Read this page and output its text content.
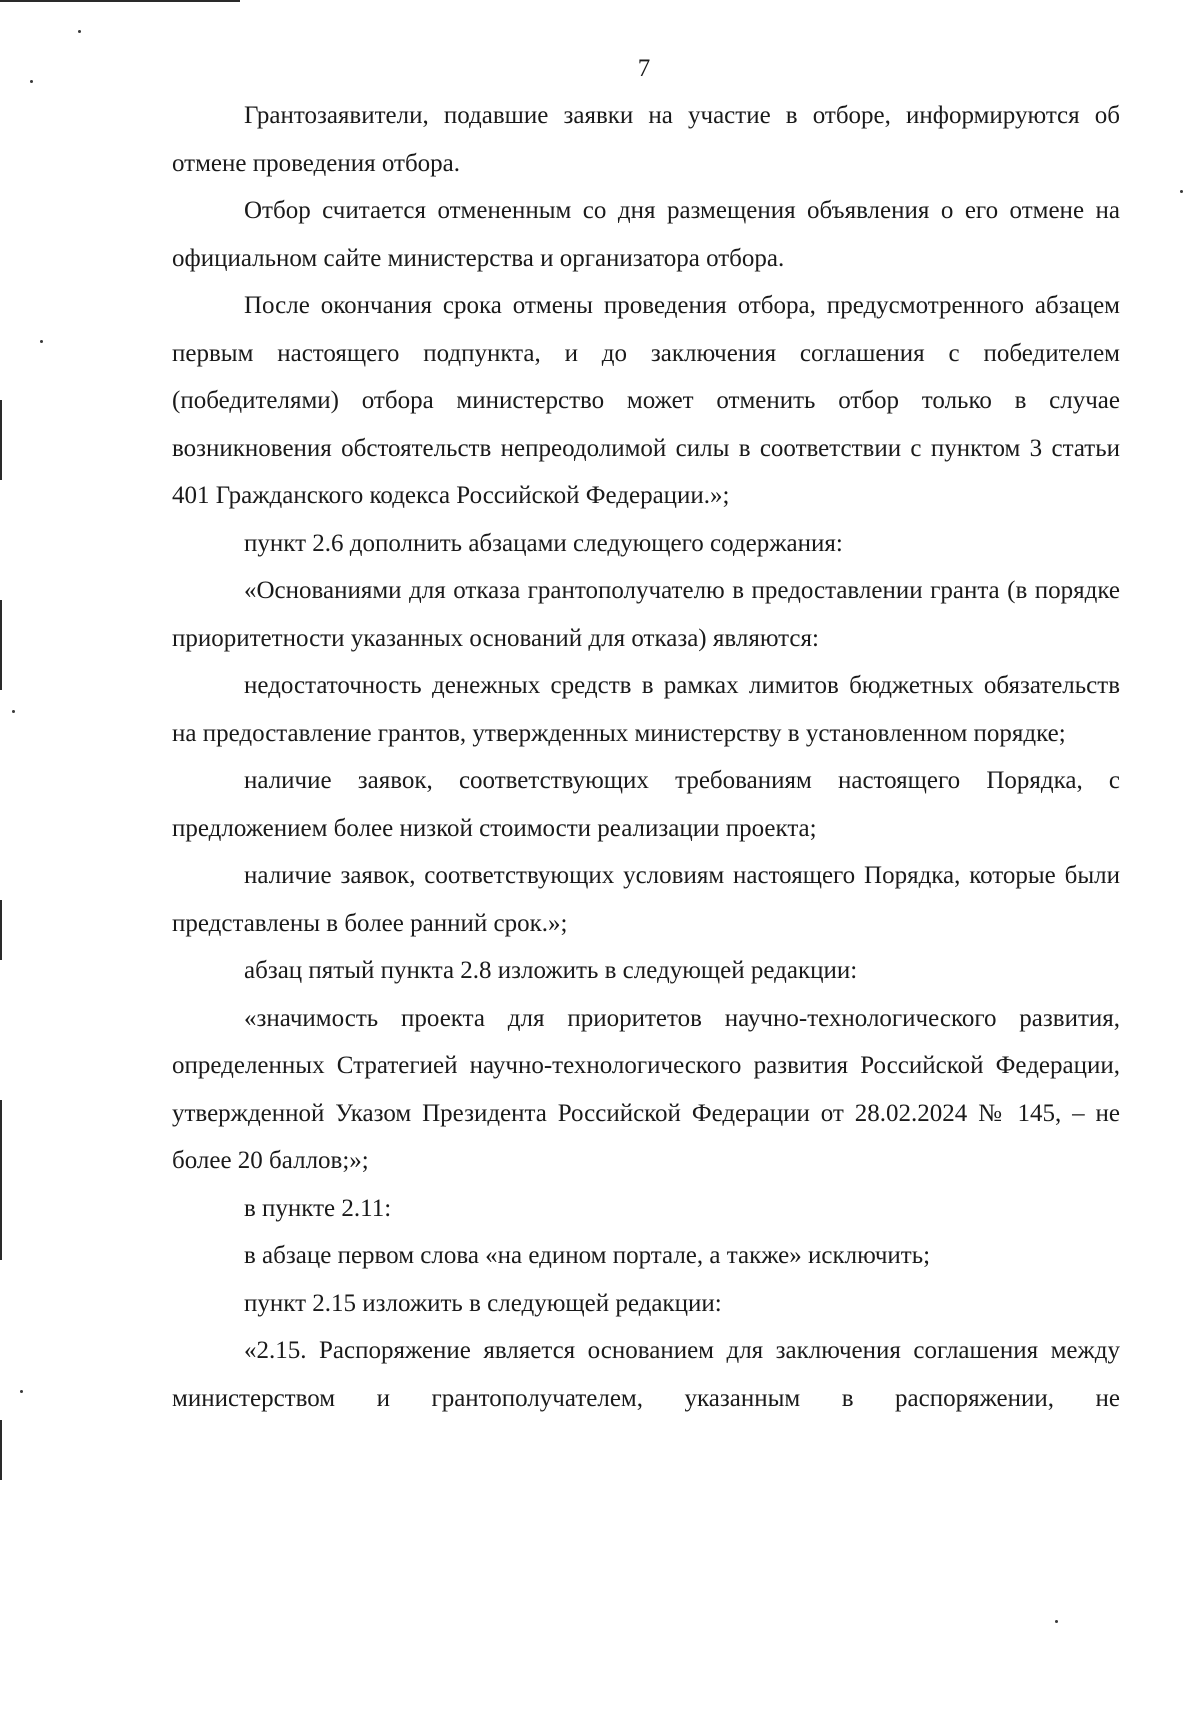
7

Грантозаявители, подавшие заявки на участие в отборе, информируются об отмене проведения отбора.

Отбор считается отмененным со дня размещения объявления о его отмене на официальном сайте министерства и организатора отбора.

После окончания срока отмены проведения отбора, предусмотренного абзацем первым настоящего подпункта, и до заключения соглашения с победителем (победителями) отбора министерство может отменить отбор только в случае возникновения обстоятельств непреодолимой силы в соответствии с пунктом 3 статьи 401 Гражданского кодекса Российской Федерации.»;

пункт 2.6 дополнить абзацами следующего содержания:

«Основаниями для отказа грантополучателю в предоставлении гранта (в порядке приоритетности указанных оснований для отказа) являются:

недостаточность денежных средств в рамках лимитов бюджетных обязательств на предоставление грантов, утвержденных министерству в установленном порядке;

наличие заявок, соответствующих требованиям настоящего Порядка, с предложением более низкой стоимости реализации проекта;

наличие заявок, соответствующих условиям настоящего Порядка, которые были представлены в более ранний срок.»;

абзац пятый пункта 2.8 изложить в следующей редакции:

«значимость проекта для приоритетов научно-технологического развития, определенных Стратегией научно-технологического развития Российской Федерации, утвержденной Указом Президента Российской Федерации от 28.02.2024 № 145, – не более 20 баллов;»;

в пункте 2.11:

в абзаце первом слова «на едином портале, а также» исключить;

пункт 2.15 изложить в следующей редакции:

«2.15. Распоряжение является основанием для заключения соглашения между министерством и грантополучателем, указанным в распоряжении, не
